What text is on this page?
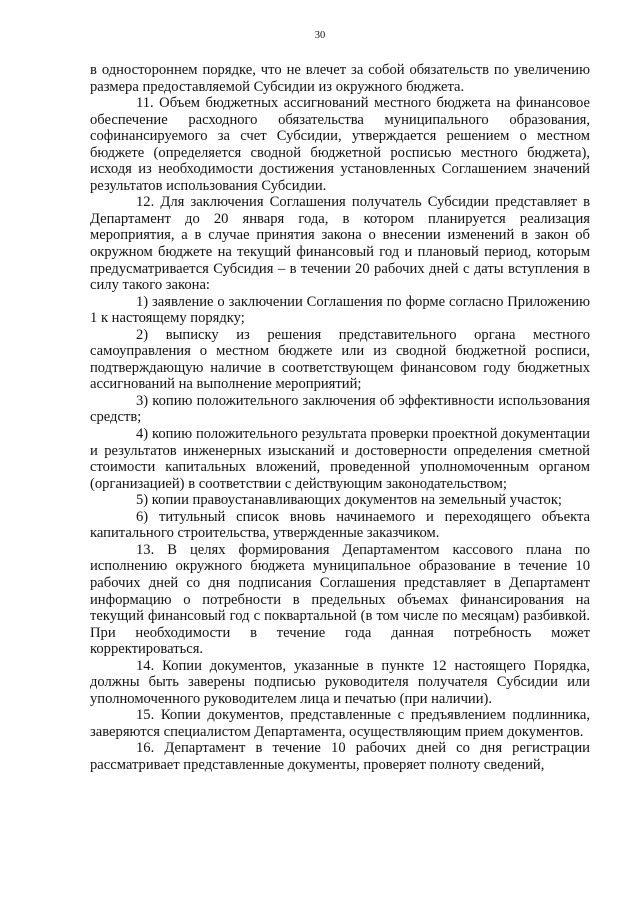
30

в одностороннем порядке, что не влечет за собой обязательств по увеличению размера предоставляемой Субсидии из окружного бюджета.

11. Объем бюджетных ассигнований местного бюджета на финансовое обеспечение расходного обязательства муниципального образования, софинансируемого за счет Субсидии, утверждается решением о местном бюджете (определяется сводной бюджетной росписью местного бюджета), исходя из необходимости достижения установленных Соглашением значений результатов использования Субсидии.

12. Для заключения Соглашения получатель Субсидии представляет в Департамент до 20 января года, в котором планируется реализация мероприятия, а в случае принятия закона о внесении изменений в закон об окружном бюджете на текущий финансовый год и плановый период, которым предусматривается Субсидия – в течении 20 рабочих дней с даты вступления в силу такого закона:

1) заявление о заключении Соглашения по форме согласно Приложению 1 к настоящему порядку;

2) выписку из решения представительного органа местного самоуправления о местном бюджете или из сводной бюджетной росписи, подтверждающую наличие в соответствующем финансовом году бюджетных ассигнований на выполнение мероприятий;

3) копию положительного заключения об эффективности использования средств;

4) копию положительного результата проверки проектной документации и результатов инженерных изысканий и достоверности определения сметной стоимости капитальных вложений, проведенной уполномоченным органом (организацией) в соответствии с действующим законодательством;

5) копии правоустанавливающих документов на земельный участок;

6) титульный список вновь начинаемого и переходящего объекта капитального строительства, утвержденные заказчиком.

13. В целях формирования Департаментом кассового плана по исполнению окружного бюджета муниципальное образование в течение 10 рабочих дней со дня подписания Соглашения представляет в Департамент информацию о потребности в предельных объемах финансирования на текущий финансовый год с поквартальной (в том числе по месяцам) разбивкой. При необходимости в течение года данная потребность может корректироваться.

14. Копии документов, указанные в пункте 12 настоящего Порядка, должны быть заверены подписью руководителя получателя Субсидии или уполномоченного руководителем лица и печатью (при наличии).

15. Копии документов, представленные с предъявлением подлинника, заверяются специалистом Департамента, осуществляющим прием документов.

16. Департамент в течение 10 рабочих дней со дня регистрации рассматривает представленные документы, проверяет полноту сведений,
